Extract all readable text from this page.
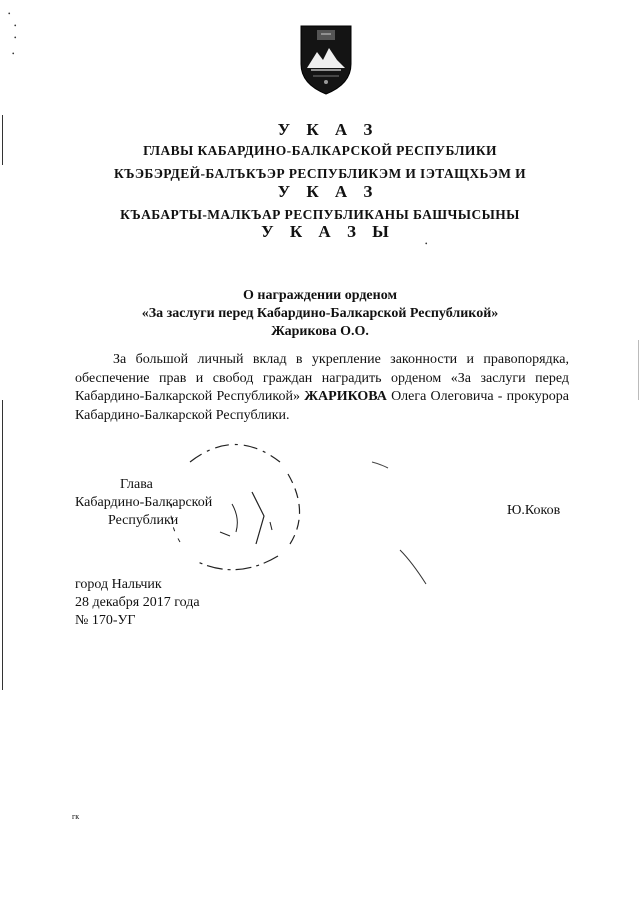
У К А З
ГЛАВЫ КАБАРДИНО-БАЛКАРСКОЙ РЕСПУБЛИКИ
КЪЭБЭРДЕЙ-БАЛЪКЪЭР РЕСПУБЛИКЭМ И ІЭТАЩХЬЭМ И
У К А З
КЪАБАРТЫ-МАЛКЪАР РЕСПУБЛИКАНЫ БАШЧЫСЫНЫ
У К А З Ы
О награждении орденом
«За заслуги перед Кабардино-Балкарской Республикой»
Жарикова О.О.
За большой личный вклад в укрепление законности и правопорядка, обеспечение прав и свобод граждан наградить орденом «За заслуги перед Кабардино-Балкарской Республикой» ЖАРИКОВА Олега Олеговича - прокурора Кабардино-Балкарской Республики.
Глава
Кабардино-Балкарской
Республики
Ю.Коков
город Нальчик
28 декабря 2017 года
№ 170-УГ
гк
•
•
•
•
•
